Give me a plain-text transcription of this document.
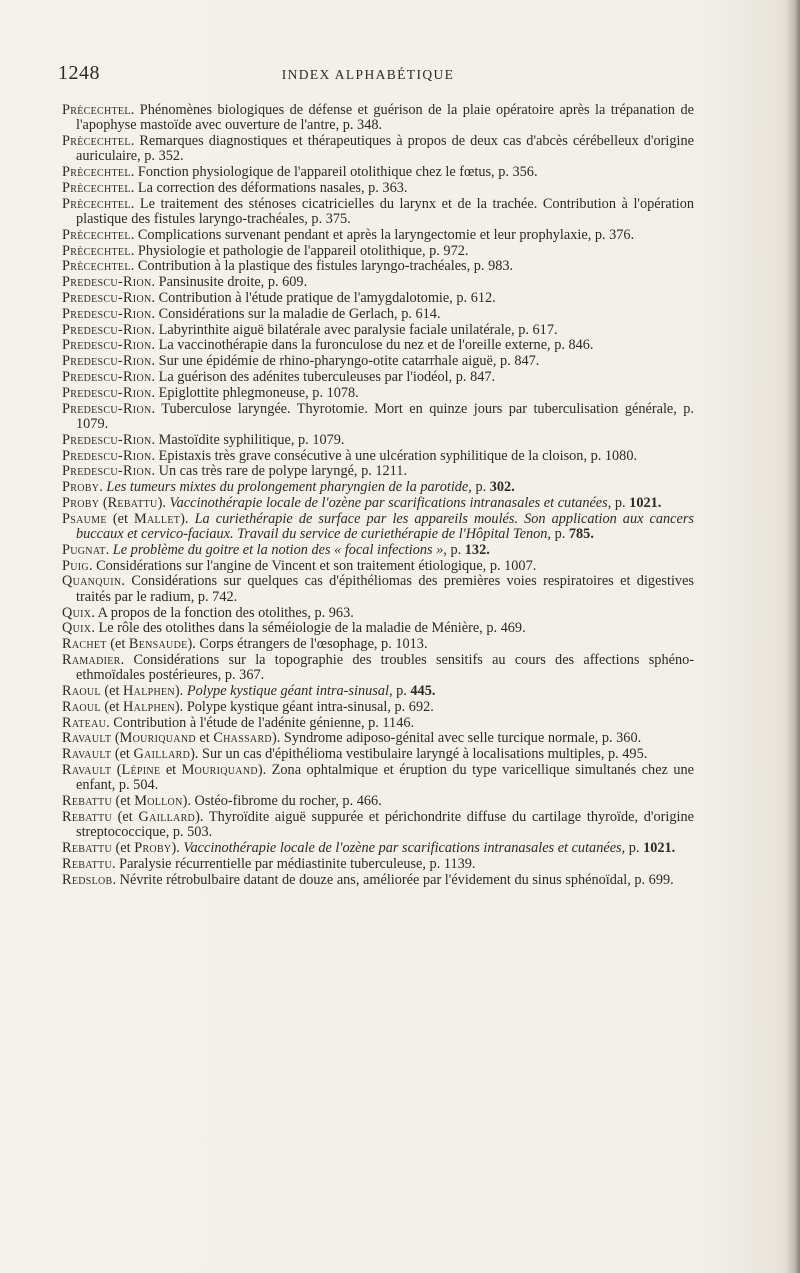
1248	INDEX ALPHABÉTIQUE

Prècechtel. Phénomènes biologiques de défense et guérison de la plaie opératoire après la trépanation de l'apophyse mastoïde avec ouverture de l'antre, p. 348.

Prècechtel. Remarques diagnostiques et thérapeutiques à propos de deux cas d'abcès cérébelleux d'origine auriculaire, p. 352.

Prècechtel. Fonction physiologique de l'appareil otolithique chez le fœtus, p. 356.

Prècechtel. La correction des déformations nasales, p. 363.

Prècechtel. Le traitement des sténoses cicatricielles du larynx et de la trachée. Contribution à l'opération plastique des fistules laryngo-trachéales, p. 375.

Prècechtel. Complications survenant pendant et après la laryngectomie et leur prophylaxie, p. 376.

Prècechtel. Physiologie et pathologie de l'appareil otolithique, p. 972.

Prècechtel. Contribution à la plastique des fistules laryngo-trachéales, p. 983.

Predescu-Rion. Pansinusite droite, p. 609.

Predescu-Rion. Contribution à l'étude pratique de l'amygdalotomie, p. 612.

Predescu-Rion. Considérations sur la maladie de Gerlach, p. 614.

Predescu-Rion. Labyrinthite aiguë bilatérale avec paralysie faciale unilatérale, p. 617.

Predescu-Rion. La vaccinothérapie dans la furonculose du nez et de l'oreille externe, p. 846.

Predescu-Rion. Sur une épidémie de rhino-pharyngo-otite catarrhale aiguë, p. 847.

Predescu-Rion. La guérison des adénites tuberculeuses par l'iodéol, p. 847.

Predescu-Rion. Epiglottite phlegmoneuse, p. 1078.

Predescu-Rion. Tuberculose laryngée. Thyrotomie. Mort en quinze jours par tuberculisation générale, p. 1079.

Predescu-Rion. Mastoïdite syphilitique, p. 1079.

Predescu-Rion. Epistaxis très grave consécutive à une ulcération syphilitique de la cloison, p. 1080.

Predescu-Rion. Un cas très rare de polype laryngé, p. 1211.

Proby. Les tumeurs mixtes du prolongement pharyngien de la parotide, p. 302.

Proby (Rebattu). Vaccinothérapie locale de l'ozène par scarifications intranasales et cutanées, p. 1021.

Psaume (et Mallet). La curiethérapie de surface par les appareils moulés. Son application aux cancers buccaux et cervico-faciaux. Travail du service de curiethérapie de l'Hôpital Tenon, p. 785.

Pugnat. Le problème du goitre et la notion des « focal infections », p. 132.

Puig. Considérations sur l'angine de Vincent et son traitement étiologique, p. 1007.

Quanquin. Considérations sur quelques cas d'épithéliomas des premières voies respiratoires et digestives traités par le radium, p. 742.

Quix. A propos de la fonction des otolithes, p. 963.

Quix. Le rôle des otolithes dans la séméiologie de la maladie de Ménière, p. 469.

Rachet (et Bensaude). Corps étrangers de l'œsophage, p. 1013.

Ramadier. Considérations sur la topographie des troubles sensitifs au cours des affections sphéno-ethmoïdales postérieures, p. 367.

Raoul (et Halphen). Polype kystique géant intra-sinusal, p. 445.

Raoul (et Halphen). Polype kystique géant intra-sinusal, p. 692.

Rateau. Contribution à l'étude de l'adénite génienne, p. 1146.

Ravault (Mouriquand et Chassard). Syndrome adiposo-génital avec selle turcique normale, p. 360.

Ravault (et Gaillard). Sur un cas d'épithélioma vestibulaire laryngé à localisations multiples, p. 495.

Ravault (Lépine et Mouriquand). Zona ophtalmique et éruption du type varicellique simultanés chez une enfant, p. 504.

Rebattu (et Mollon). Ostéo-fibrome du rocher, p. 466.

Rebattu (et Gaillard). Thyroïdite aiguë suppurée et périchondrite diffuse du cartilage thyroïde, d'origine streptococcique, p. 503.

Rebattu (et Proby). Vaccinothérapie locale de l'ozène par scarifications intranasales et cutanées, p. 1021.

Rebattu. Paralysie récurrentielle par médiastinite tuberculeuse, p. 1139.

Redslob. Névrite rétrobulbaire datant de douze ans, améliorée par l'évidement du sinus sphénoïdal, p. 699.
